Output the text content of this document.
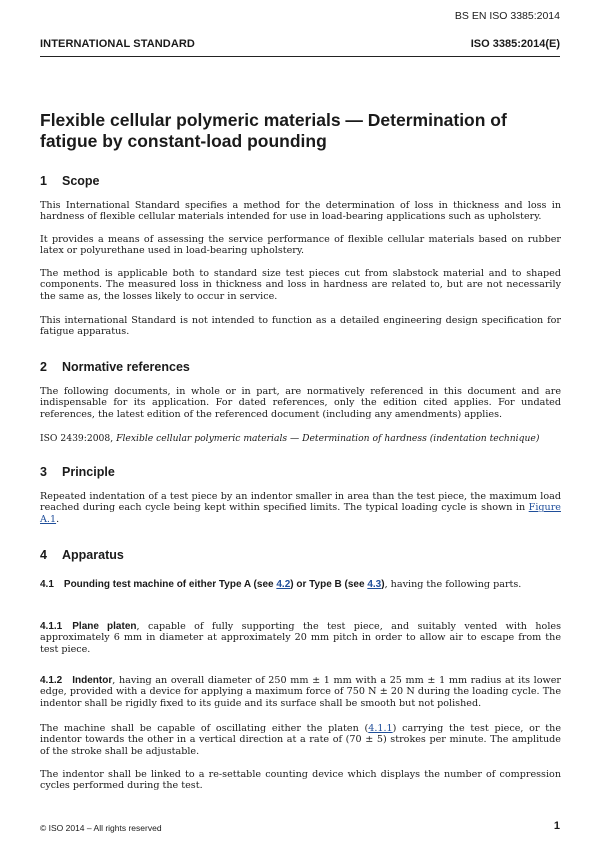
BS EN ISO 3385:2014
INTERNATIONAL STANDARD	ISO 3385:2014(E)
Flexible cellular polymeric materials — Determination of
fatigue by constant-load pounding
1 Scope
This International Standard specifies a method for the determination of loss in thickness and loss in hardness of flexible cellular materials intended for use in load-bearing applications such as upholstery.
It provides a means of assessing the service performance of flexible cellular materials based on rubber latex or polyurethane used in load-bearing upholstery.
The method is applicable both to standard size test pieces cut from slabstock material and to shaped components. The measured loss in thickness and loss in hardness are related to, but are not necessarily the same as, the losses likely to occur in service.
This international Standard is not intended to function as a detailed engineering design specification for fatigue apparatus.
2 Normative references
The following documents, in whole or in part, are normatively referenced in this document and are indispensable for its application. For dated references, only the edition cited applies. For undated references, the latest edition of the referenced document (including any amendments) applies.
ISO 2439:2008, Flexible cellular polymeric materials — Determination of hardness (indentation technique)
3 Principle
Repeated indentation of a test piece by an indentor smaller in area than the test piece, the maximum load reached during each cycle being kept within specified limits. The typical loading cycle is shown in Figure A.1.
4 Apparatus
4.1 Pounding test machine of either Type A (see 4.2) or Type B (see 4.3), having the following parts.
4.1.1 Plane platen, capable of fully supporting the test piece, and suitably vented with holes approximately 6 mm in diameter at approximately 20 mm pitch in order to allow air to escape from the test piece.
4.1.2 Indentor, having an overall diameter of 250 mm ± 1 mm with a 25 mm ± 1 mm radius at its lower edge, provided with a device for applying a maximum force of 750 N ± 20 N during the loading cycle. The indentor shall be rigidly fixed to its guide and its surface shall be smooth but not polished.
The machine shall be capable of oscillating either the platen (4.1.1) carrying the test piece, or the indentor towards the other in a vertical direction at a rate of (70 ± 5) strokes per minute. The amplitude of the stroke shall be adjustable.
The indentor shall be linked to a re-settable counting device which displays the number of compression cycles performed during the test.
© ISO 2014 – All rights reserved	1
